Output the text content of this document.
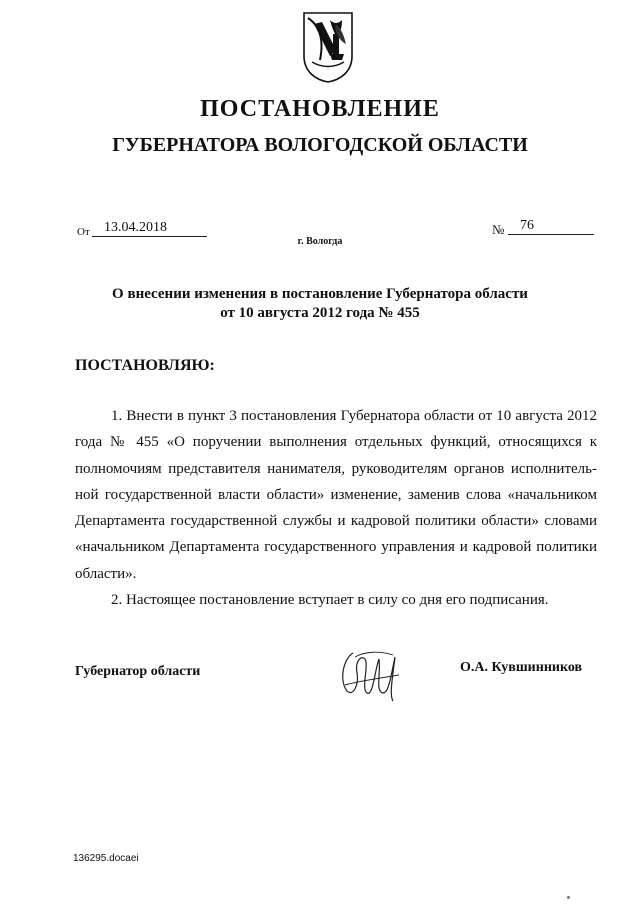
ПОСТАНОВЛЕНИЕ
ГУБЕРНАТОРА ВОЛОГОДСКОЙ ОБЛАСТИ
От	13.04.2018	№	76
г. Вологда
О внесении изменения в постановление Губернатора области
от 10 августа 2012 года № 455
ПОСТАНОВЛЯЮ:

1. Внести в пункт 3 постановления Губернатора области от 10 августа 2012 года № 455 «О поручении выполнения отдельных функций, относящихся к полномочиям представителя нанимателя, руководителям органов исполнительной государственной власти области» изменение, заменив слова «начальником Департамента государственной службы и кадровой политики области» словами «начальником Департамента государственного управления и кадровой политики области».

2. Настоящее постановление вступает в силу со дня его подписания.

Губернатор области	О.А. Кувшинников
136295.docaei
